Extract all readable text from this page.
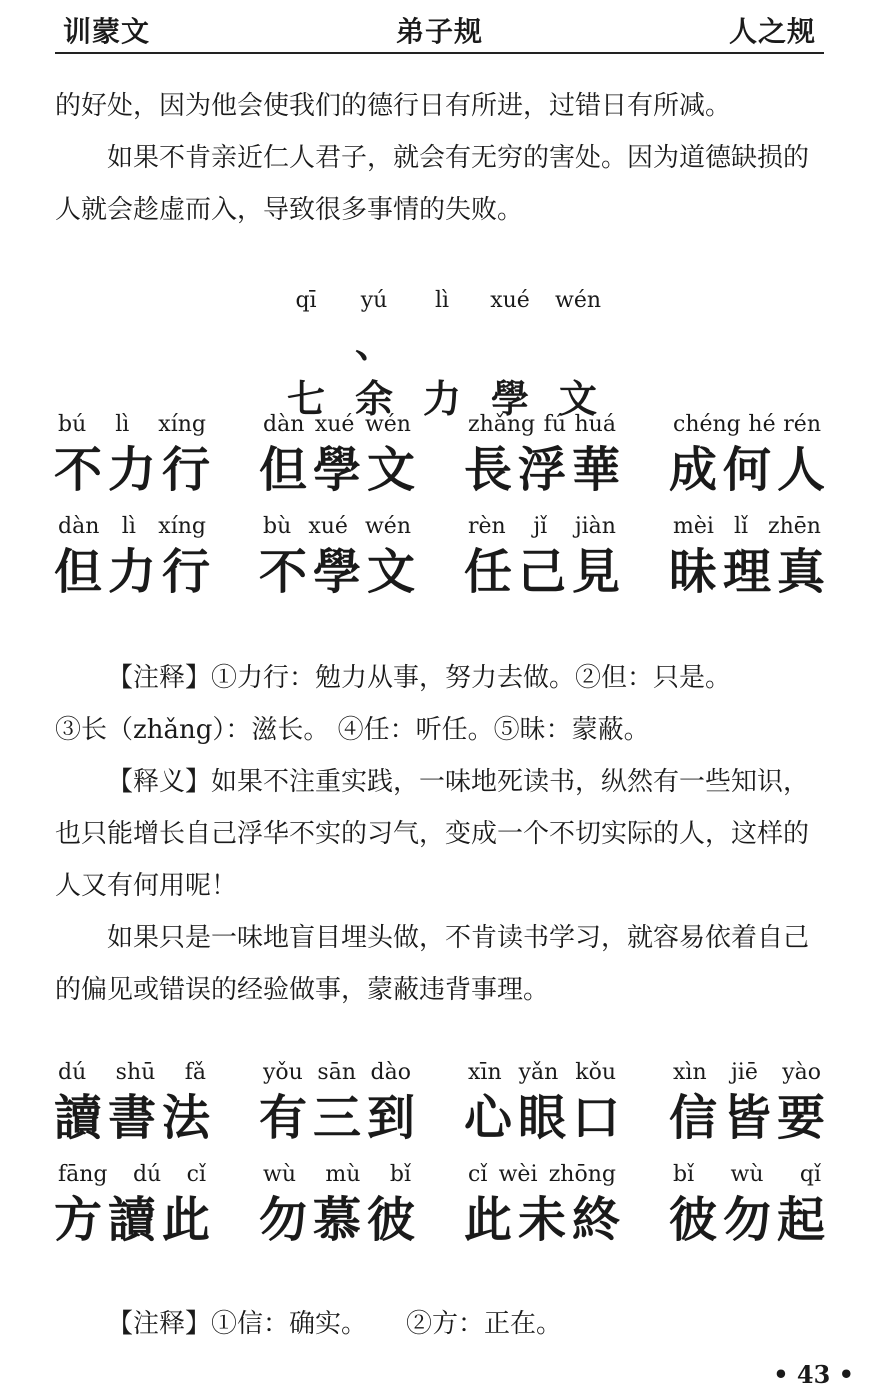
训蒙文	弟子规	人之规

的好处，因为他会使我们的德行日有所进，过错日有所减。

如果不肯亲近仁人君子，就会有无穷的害处。因为道德缺损的人就会趁虚而入，导致很多事情的失败。

qī yú lì xué wén
七、余 力 學 文
bú lì xíng
不 力 行
dàn xué wén
但 學 文
zhǎng fú huá
長 浮 華
chéng hé rén
成 何 人
dàn lì xíng
但 力 行
bù xué wén
不 學 文
rèn jǐ jiàn
任 己 見
mèi lǐ zhēn
昧 理 真

【注释】①力行：勉力从事，努力去做。②但：只是。

③长（zhǎng）：滋长。 ④任：听任。⑤昧：蒙蔽。

【释义】如果不注重实践，一味地死读书，纵然有一些知识，也只能增长自己浮华不实的习气，变成一个不切实际的人，这样的人又有何用呢！

如果只是一味地盲目埋头做，不肯读书学习，就容易依着自己的偏见或错误的经验做事，蒙蔽违背事理。

dú shū fǎ
讀 書 法
yǒu sān dào
有 三 到
xīn yǎn kǒu
心 眼 口
xìn jiē yào
信 皆 要
fāng dú cǐ
方 讀 此
wù mù bǐ
勿 慕 彼
cǐ wèi zhōng
此 未 終
bǐ wù qǐ
彼 勿 起

【注释】①信：确实。　　②方：正在。

• 43 •
